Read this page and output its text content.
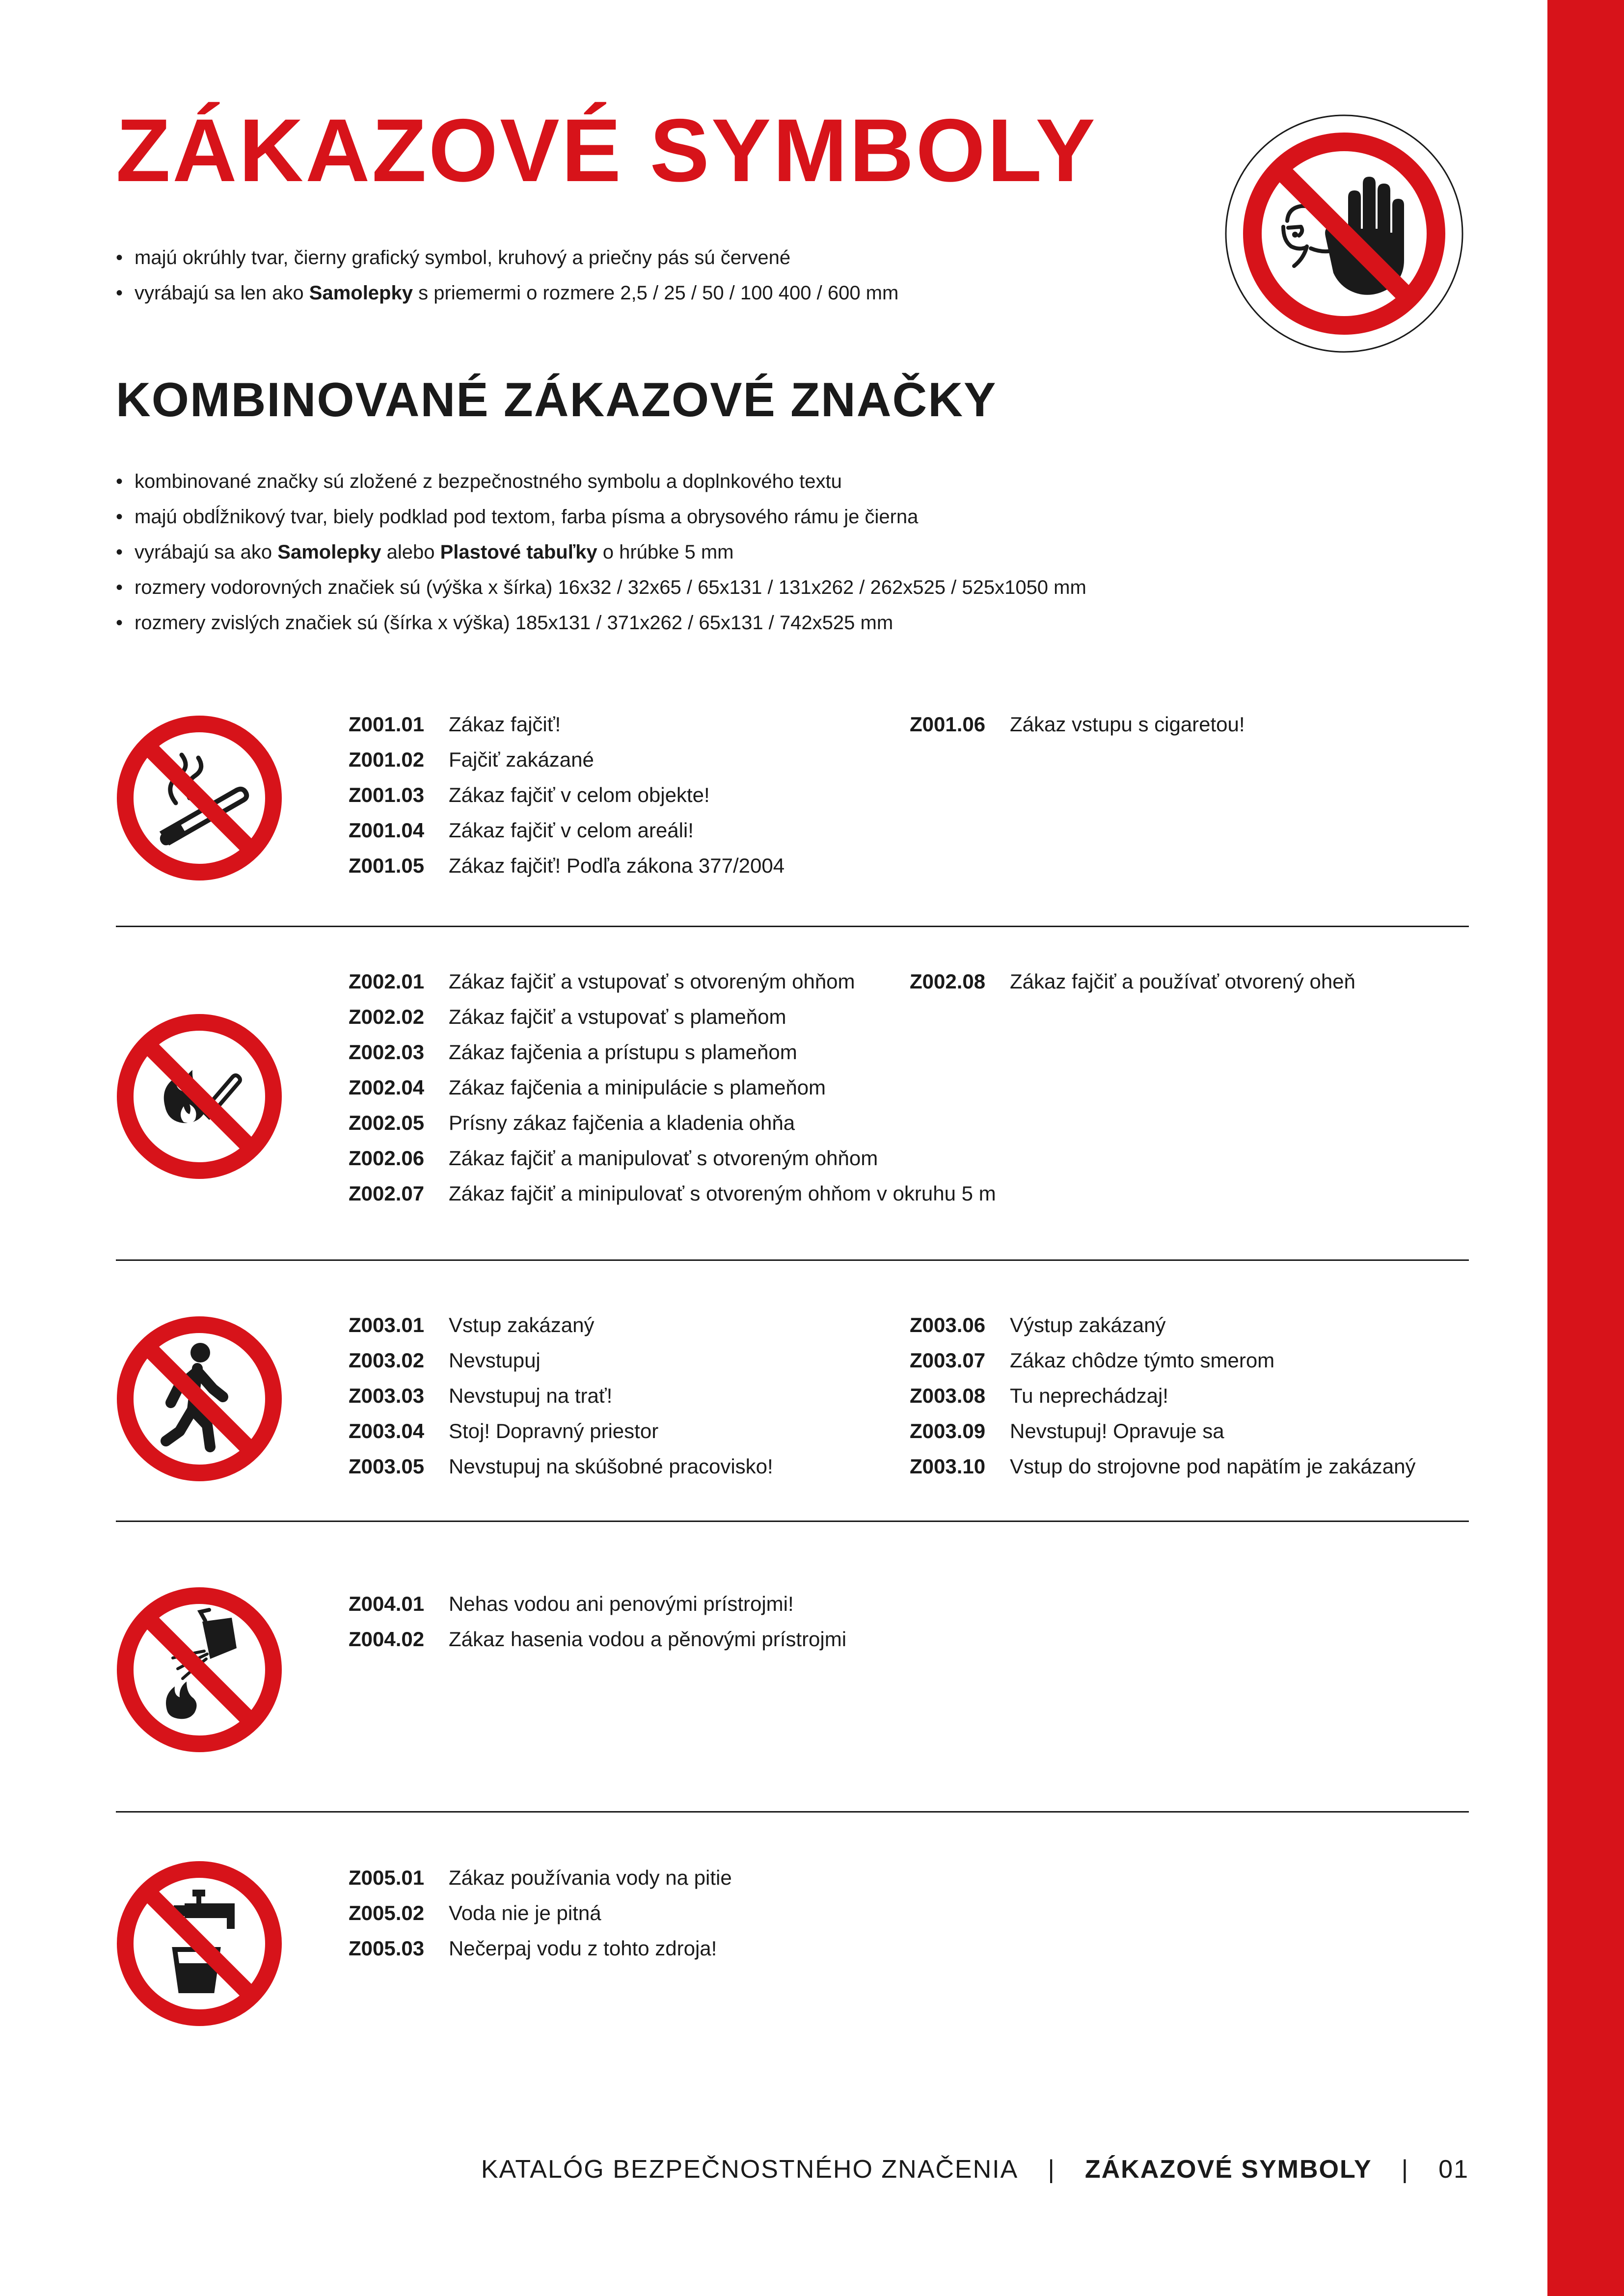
ZÁKAZOVÉ SYMBOLY
• majú okrúhly tvar, čierny grafický symbol, kruhový a priečny pás sú červené
• vyrábajú sa len ako Samolepky s priemermi o rozmere 2,5 / 25 / 50 / 100 400 / 600 mm
KOMBINOVANÉ ZÁKAZOVÉ ZNAČKY
• kombinované značky sú zložené z bezpečnostného symbolu a doplnkového textu
• majú obdĺžnikový tvar, biely podklad pod textom, farba písma a obrysového rámu je čierna
• vyrábajú sa ako Samolepky alebo Plastové tabuľky o hrúbke 5 mm
• rozmery vodorovných značiek sú (výška x šírka) 16x32 / 32x65 / 65x131 / 131x262 / 262x525 / 525x1050 mm
• rozmery zvislých značiek sú (šírka x výška) 185x131 / 371x262 / 65x131 / 742x525 mm
Z001.01 Zákaz fajčiť!
Z001.02 Fajčiť zakázané
Z001.03 Zákaz fajčiť v celom objekte!
Z001.04 Zákaz fajčiť v celom areáli!
Z001.05 Zákaz fajčiť! Podľa zákona 377/2004
Z001.06 Zákaz vstupu s cigaretou!
Z002.01 Zákaz fajčiť a vstupovať s otvoreným ohňom
Z002.02 Zákaz fajčiť a vstupovať s plameňom
Z002.03 Zákaz fajčenia a prístupu s plameňom
Z002.04 Zákaz fajčenia a minipulácie s plameňom
Z002.05 Prísny zákaz fajčenia a kladenia ohňa
Z002.06 Zákaz fajčiť a manipulovať s otvoreným ohňom
Z002.07 Zákaz fajčiť a minipulovať s otvoreným ohňom v okruhu 5 m
Z002.08 Zákaz fajčiť a používať otvorený oheň
Z003.01 Vstup zakázaný
Z003.02 Nevstupuj
Z003.03 Nevstupuj na trať!
Z003.04 Stoj! Dopravný priestor
Z003.05 Nevstupuj na skúšobné pracovisko!
Z003.06 Výstup zakázaný
Z003.07 Zákaz chôdze týmto smerom
Z003.08 Tu neprechádzaj!
Z003.09 Nevstupuj! Opravuje sa
Z003.10 Vstup do strojovne pod napätím je zakázaný
Z004.01 Nehas vodou ani penovými prístrojmi!
Z004.02 Zákaz hasenia vodou a pěnovými prístrojmi
Z005.01 Zákaz používania vody na pitie
Z005.02 Voda nie je pitná
Z005.03 Nečerpaj vodu z tohto zdroja!
KATALÓG BEZPEČNOSTNÉHO ZNAČENIA | ZÁKAZOVÉ SYMBOLY | 01
